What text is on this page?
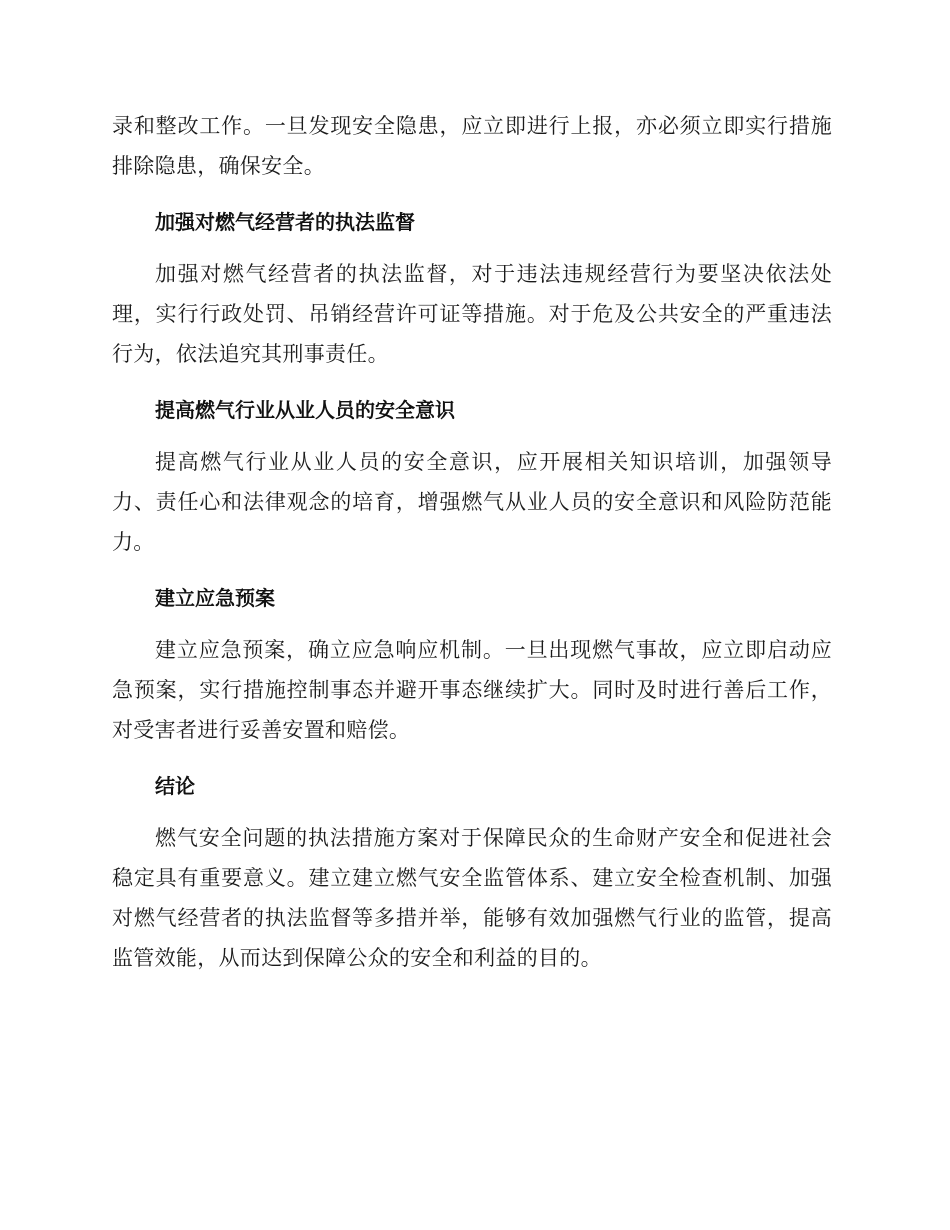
录和整改工作。一旦发现安全隐患，应立即进行上报，亦必须立即实行措施排除隐患，确保安全。

加强对燃气经营者的执法监督

加强对燃气经营者的执法监督，对于违法违规经营行为要坚决依法处理，实行行政处罚、吊销经营许可证等措施。对于危及公共安全的严重违法行为，依法追究其刑事责任。

提高燃气行业从业人员的安全意识

提高燃气行业从业人员的安全意识，应开展相关知识培训，加强领导力、责任心和法律观念的培育，增强燃气从业人员的安全意识和风险防范能力。

建立应急预案

建立应急预案，确立应急响应机制。一旦出现燃气事故，应立即启动应急预案，实行措施控制事态并避开事态继续扩大。同时及时进行善后工作，对受害者进行妥善安置和赔偿。

结论

燃气安全问题的执法措施方案对于保障民众的生命财产安全和促进社会稳定具有重要意义。建立建立燃气安全监管体系、建立安全检查机制、加强对燃气经营者的执法监督等多措并举，能够有效加强燃气行业的监管，提高监管效能，从而达到保障公众的安全和利益的目的。
